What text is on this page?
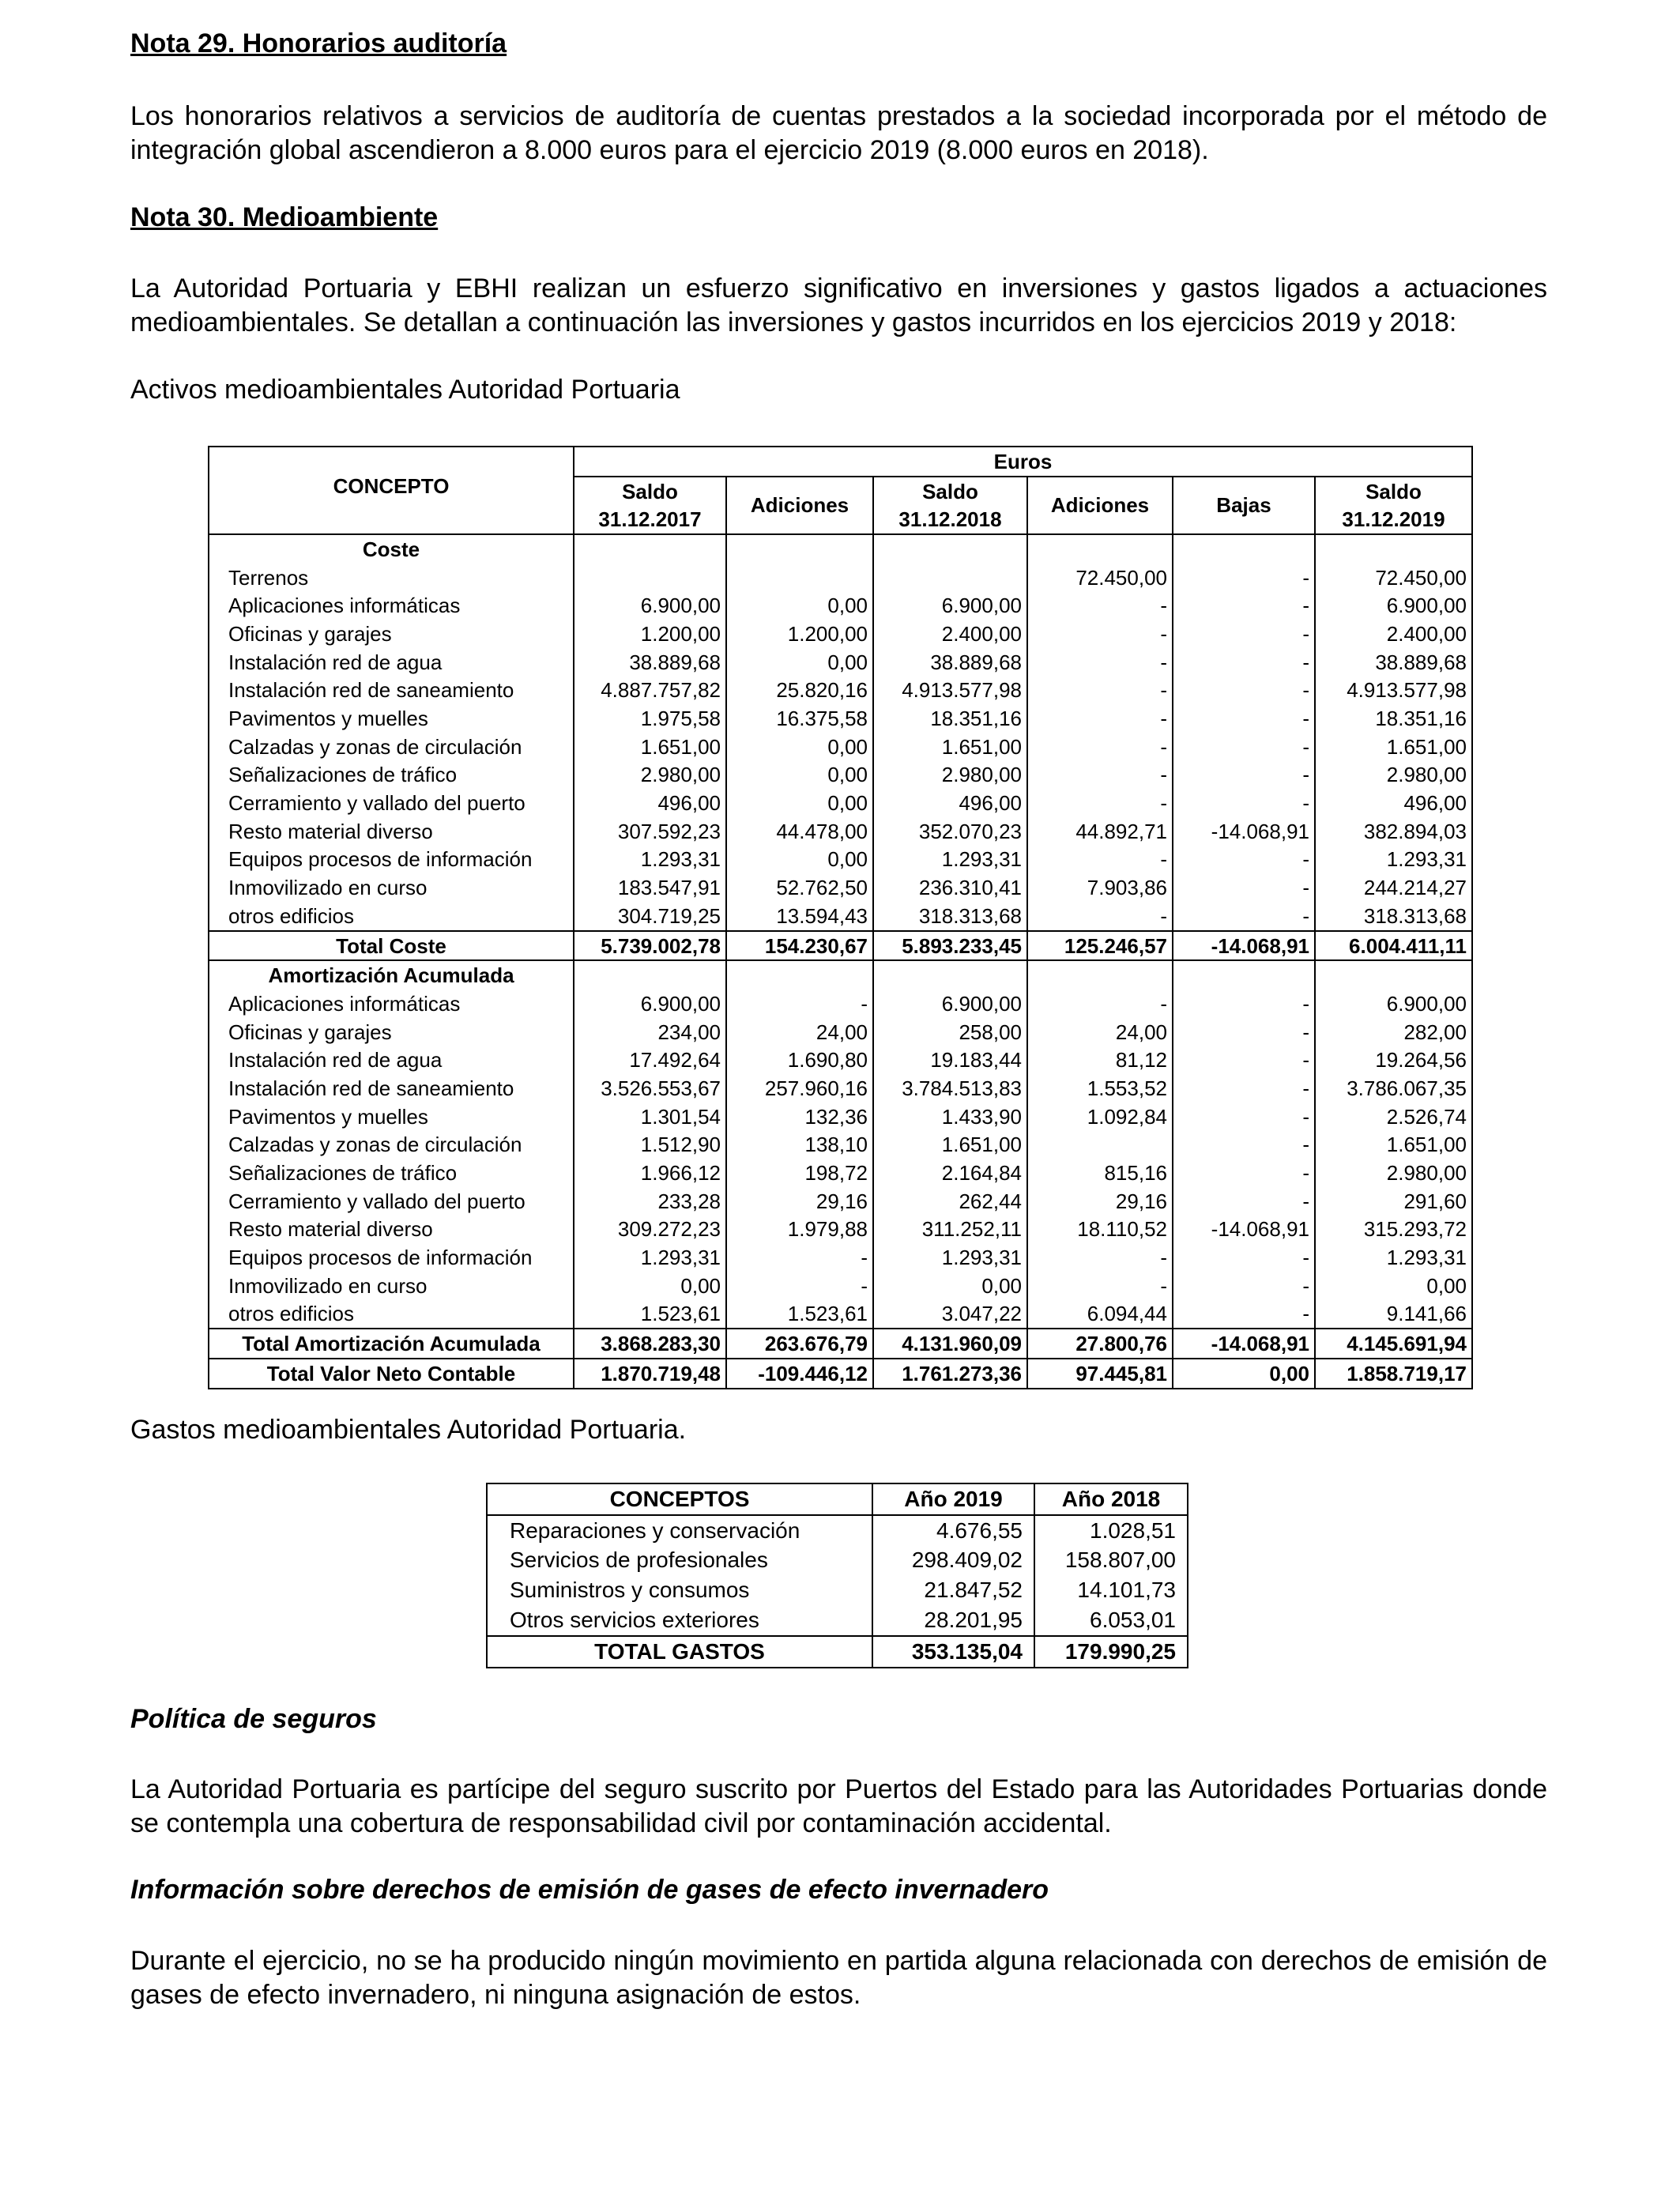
Nota 29. Honorarios auditoría

Los honorarios relativos a servicios de auditoría de cuentas prestados a la sociedad incorporada por el método de integración global ascendieron a 8.000 euros para el ejercicio 2019 (8.000 euros en 2018).

Nota 30. Medioambiente

La Autoridad Portuaria y EBHI realizan un esfuerzo significativo en inversiones y gastos ligados a actuaciones medioambientales. Se detallan a continuación las inversiones y gastos incurridos en los ejercicios 2019 y 2018:

Activos medioambientales Autoridad Portuaria

CONCEPTO	Euros					
	Saldo	Adiciones	Saldo	Adiciones	Bajas	Saldo
	31.12.2017		31.12.2018			31.12.2019
Coste						
Terrenos				72.450,00	-	72.450,00
Aplicaciones informáticas	6.900,00	0,00	6.900,00	-	-	6.900,00
Oficinas y garajes	1.200,00	1.200,00	2.400,00	-	-	2.400,00
Instalación red de agua	38.889,68	0,00	38.889,68	-	-	38.889,68
Instalación red de saneamiento	4.887.757,82	25.820,16	4.913.577,98	-	-	4.913.577,98
Pavimentos y muelles	1.975,58	16.375,58	18.351,16	-	-	18.351,16
Calzadas y zonas de circulación	1.651,00	0,00	1.651,00	-	-	1.651,00
Señalizaciones de tráfico	2.980,00	0,00	2.980,00	-	-	2.980,00
Cerramiento y vallado del puerto	496,00	0,00	496,00	-	-	496,00
Resto material diverso	307.592,23	44.478,00	352.070,23	44.892,71	-14.068,91	382.894,03
Equipos procesos de información	1.293,31	0,00	1.293,31	-	-	1.293,31
Inmovilizado en curso	183.547,91	52.762,50	236.310,41	7.903,86	-	244.214,27
otros edificios	304.719,25	13.594,43	318.313,68	-	-	318.313,68
Total Coste	5.739.002,78	154.230,67	5.893.233,45	125.246,57	-14.068,91	6.004.411,11
Amortización Acumulada						
Aplicaciones informáticas	6.900,00	-	6.900,00	-	-	6.900,00
Oficinas y garajes	234,00	24,00	258,00	24,00	-	282,00
Instalación red de agua	17.492,64	1.690,80	19.183,44	81,12	-	19.264,56
Instalación red de saneamiento	3.526.553,67	257.960,16	3.784.513,83	1.553,52	-	3.786.067,35
Pavimentos y muelles	1.301,54	132,36	1.433,90	1.092,84	-	2.526,74
Calzadas y zonas de circulación	1.512,90	138,10	1.651,00		-	1.651,00
Señalizaciones de tráfico	1.966,12	198,72	2.164,84	815,16	-	2.980,00
Cerramiento y vallado del puerto	233,28	29,16	262,44	29,16	-	291,60
Resto material diverso	309.272,23	1.979,88	311.252,11	18.110,52	-14.068,91	315.293,72
Equipos procesos de información	1.293,31	-	1.293,31	-	-	1.293,31
Inmovilizado en curso	0,00	-	0,00	-	-	0,00
otros edificios	1.523,61	1.523,61	3.047,22	6.094,44	-	9.141,66
Total Amortización Acumulada	3.868.283,30	263.676,79	4.131.960,09	27.800,76	-14.068,91	4.145.691,94
Total Valor Neto Contable	1.870.719,48	-109.446,12	1.761.273,36	97.445,81	0,00	1.858.719,17

Gastos medioambientales Autoridad Portuaria.

CONCEPTOS	Año 2019	Año 2018
Reparaciones y conservación	4.676,55	1.028,51
Servicios de profesionales	298.409,02	158.807,00
Suministros y consumos	21.847,52	14.101,73
Otros servicios exteriores	28.201,95	6.053,01
TOTAL GASTOS	353.135,04	179.990,25
Política de seguros

La Autoridad Portuaria es partícipe del seguro suscrito por Puertos del Estado para las Autoridades Portuarias donde se contempla una cobertura de responsabilidad civil por contaminación accidental.

Información sobre derechos de emisión de gases de efecto invernadero

Durante el ejercicio, no se ha producido ningún movimiento en partida alguna relacionada con derechos de emisión de gases de efecto invernadero, ni ninguna asignación de estos.
